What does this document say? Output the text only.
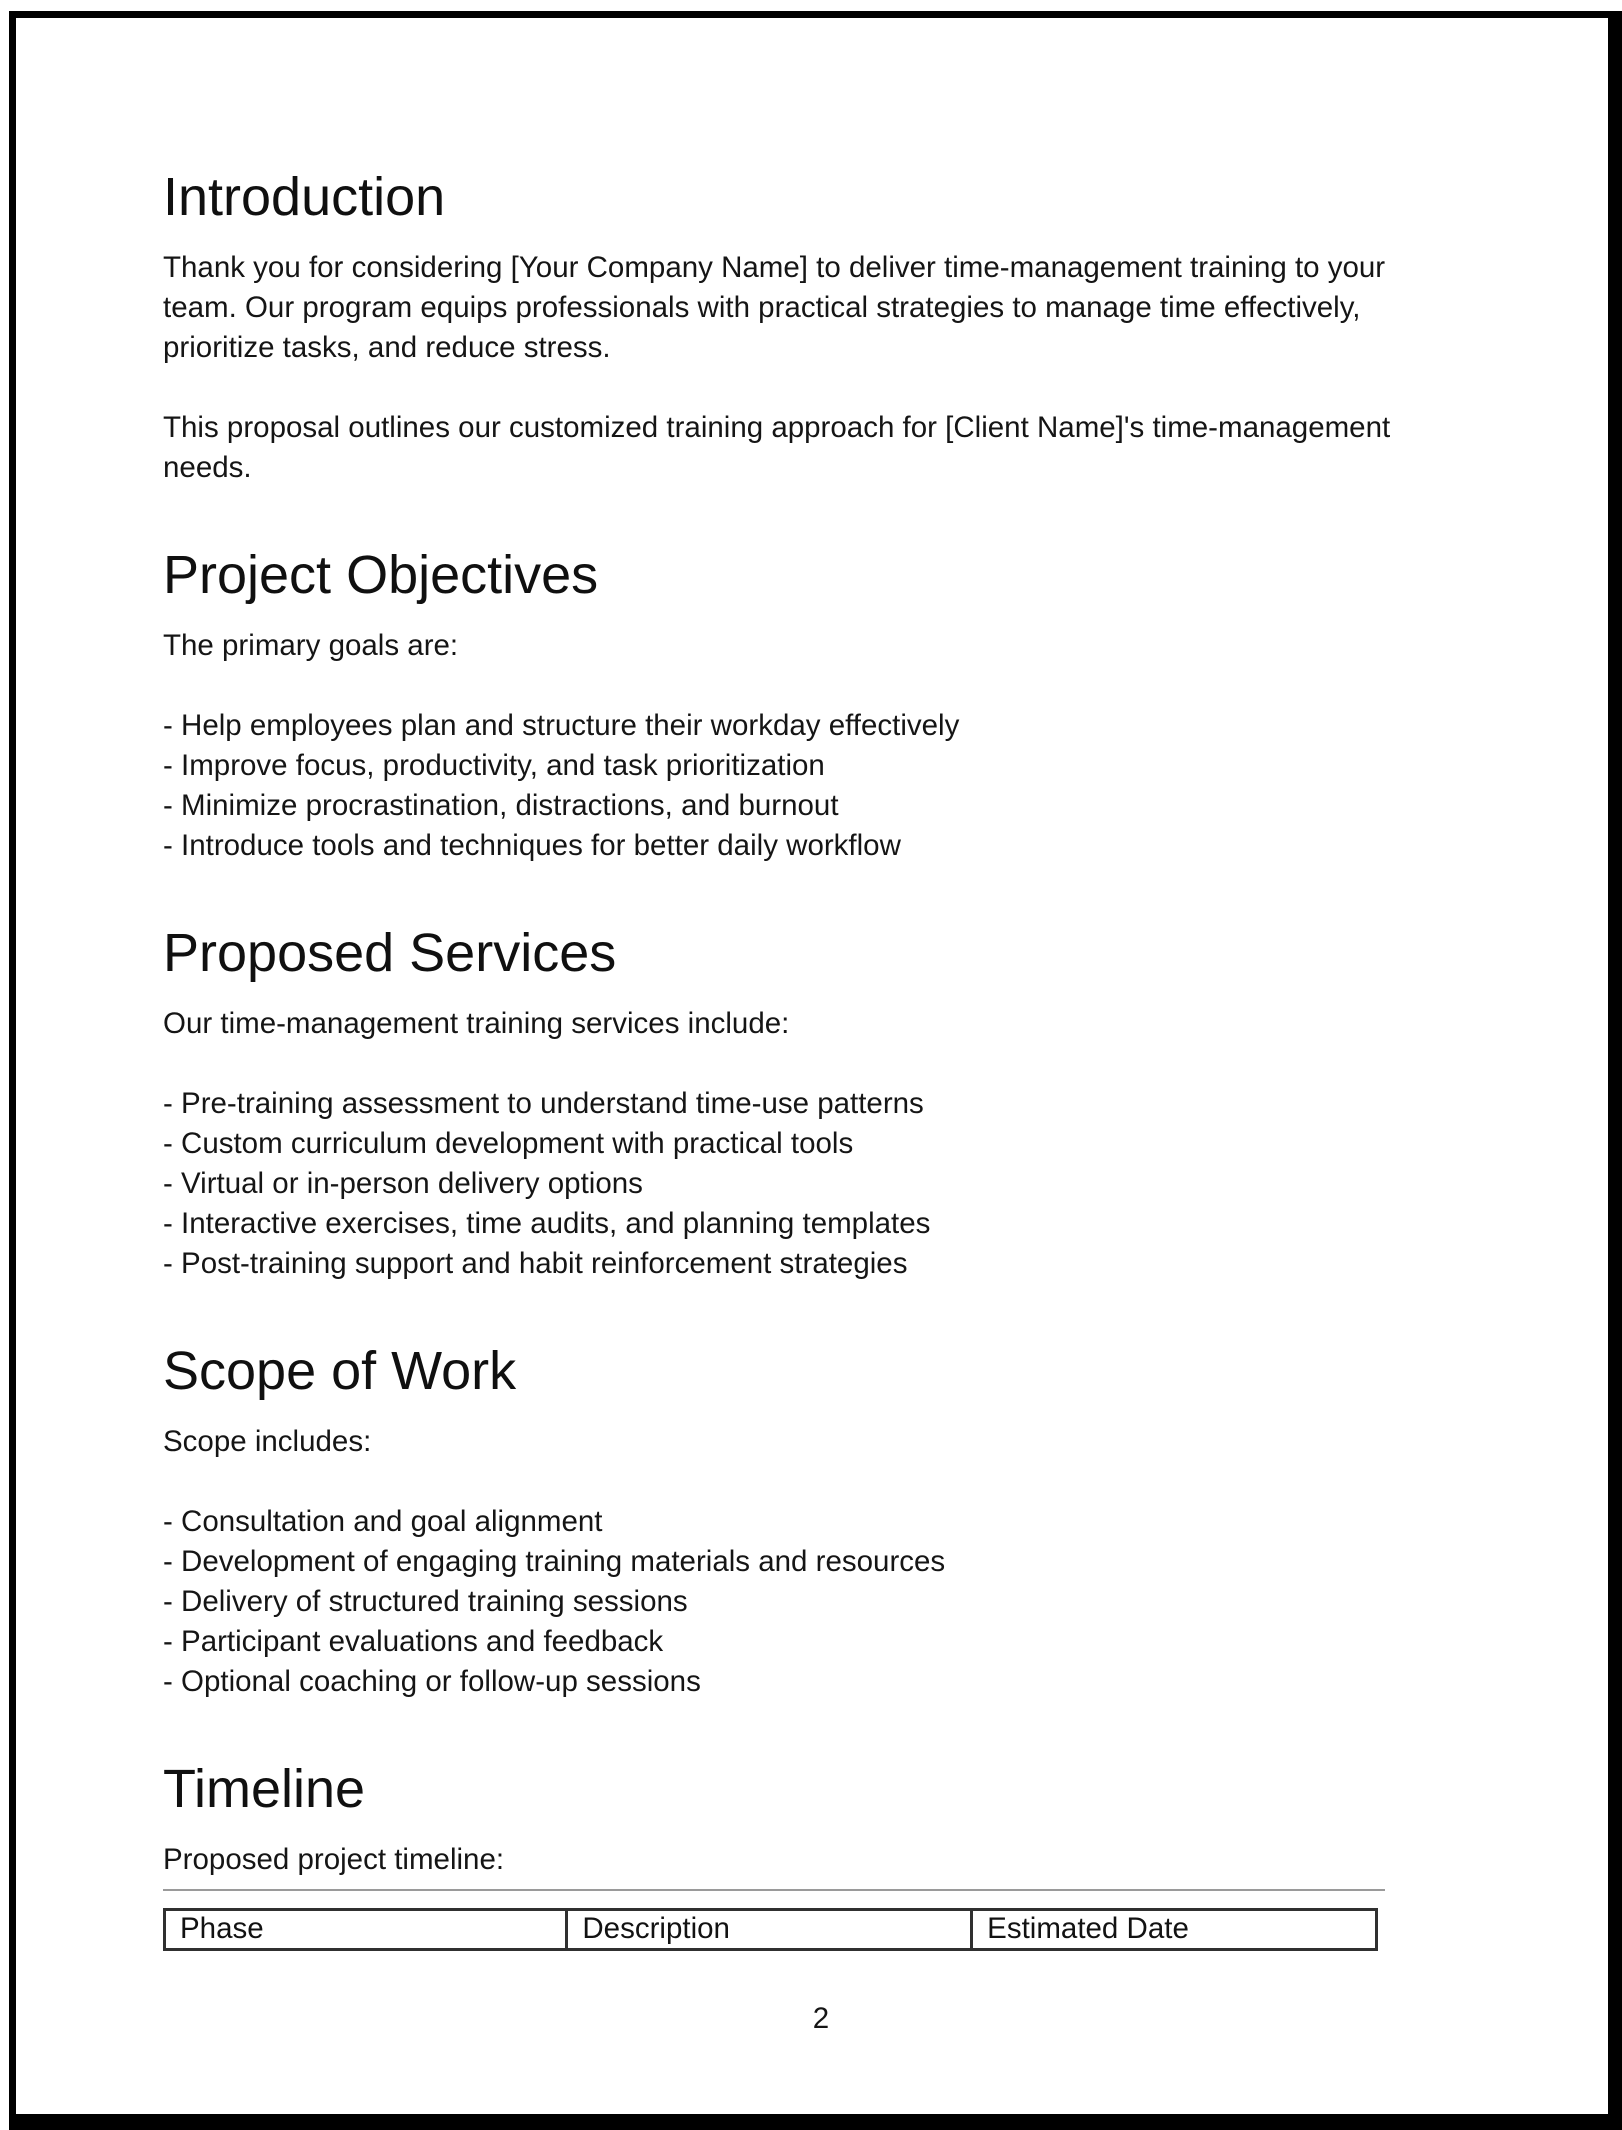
Introduction
Thank you for considering [Your Company Name] to deliver time-management training to your
team. Our program equips professionals with practical strategies to manage time effectively,
prioritize tasks, and reduce stress.
This proposal outlines our customized training approach for [Client Name]'s time-management
needs.
Project Objectives
The primary goals are:
- Help employees plan and structure their workday effectively
- Improve focus, productivity, and task prioritization
- Minimize procrastination, distractions, and burnout
- Introduce tools and techniques for better daily workflow
Proposed Services
Our time-management training services include:
- Pre-training assessment to understand time-use patterns
- Custom curriculum development with practical tools
- Virtual or in-person delivery options
- Interactive exercises, time audits, and planning templates
- Post-training support and habit reinforcement strategies
Scope of Work
Scope includes:
- Consultation and goal alignment
- Development of engaging training materials and resources
- Delivery of structured training sessions
- Participant evaluations and feedback
- Optional coaching or follow-up sessions
Timeline
Proposed project timeline:
Phase	Description	Estimated Date
2
